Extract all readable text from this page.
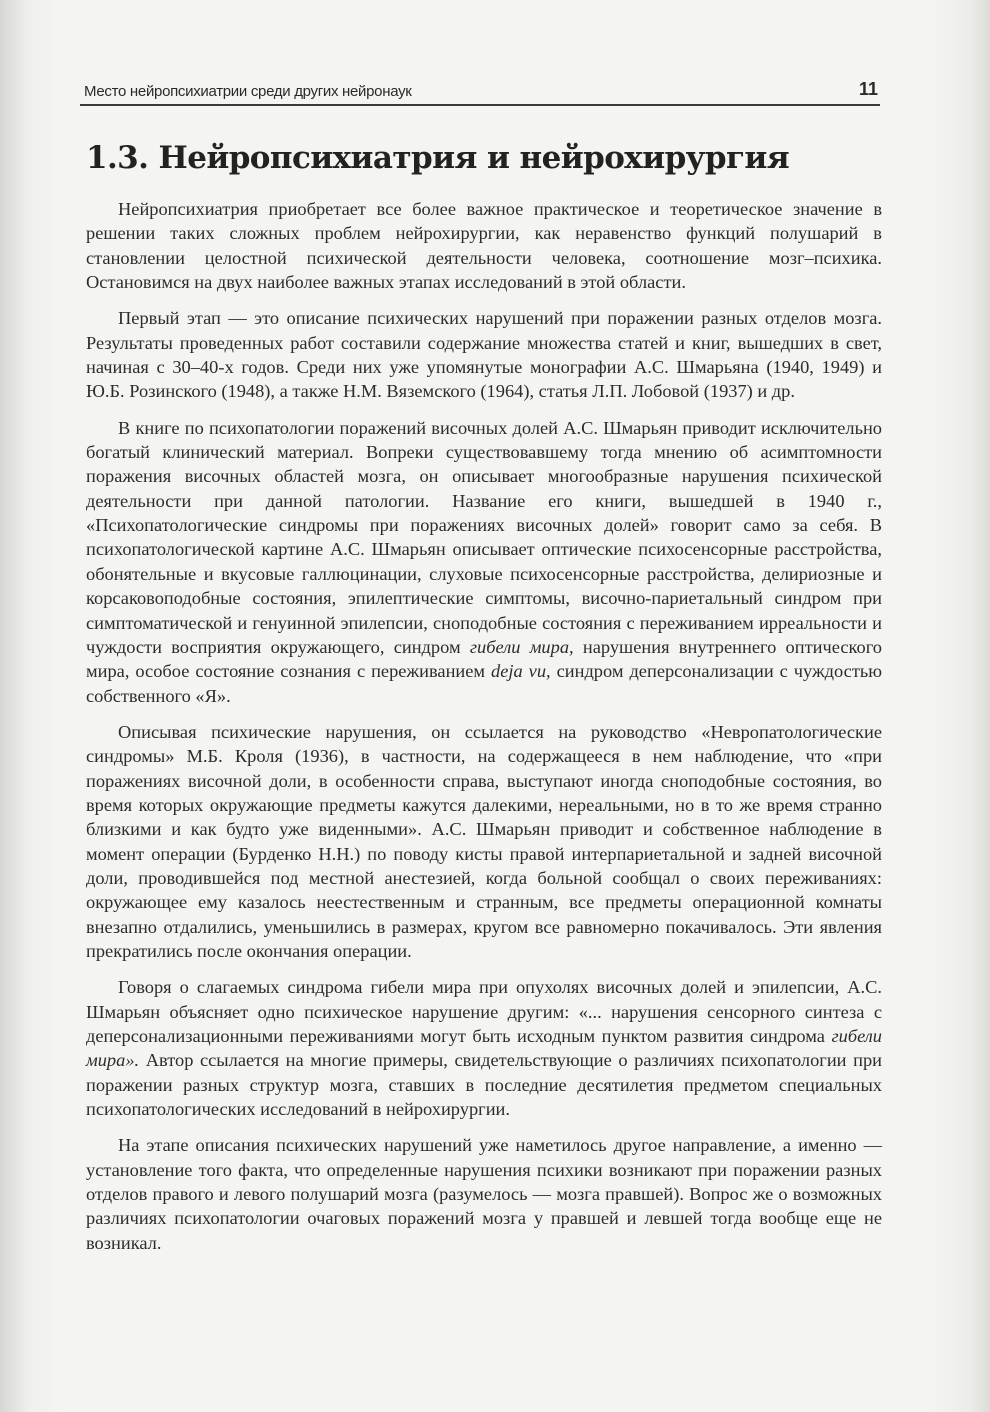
Место нейропсихиатрии среди других нейронаук	11
1.3. Нейропсихиатрия и нейрохирургия

Нейропсихиатрия приобретает все более важное практическое и теоретическое значение в решении таких сложных проблем нейрохирургии, как неравенство функций полушарий в становлении целостной психической деятельности человека, соотношение мозг–психика. Остановимся на двух наиболее важных этапах исследований в этой области.

Первый этап — это описание психических нарушений при поражении разных отделов мозга. Результаты проведенных работ составили содержание множества статей и книг, вышедших в свет, начиная с 30–40-х годов. Среди них уже упомянутые монографии А.С. Шмарьяна (1940, 1949) и Ю.Б. Розинского (1948), а также Н.М. Вяземского (1964), статья Л.П. Лобовой (1937) и др.

В книге по психопатологии поражений височных долей А.С. Шмарьян приводит исключительно богатый клинический материал. Вопреки существовавшему тогда мнению об асимптомности поражения височных областей мозга, он описывает многообразные нарушения психической деятельности при данной патологии. Название его книги, вышедшей в 1940 г., «Психопатологические синдромы при поражениях височных долей» говорит само за себя. В психопатологической картине А.С. Шмарьян описывает оптические психосенсорные расстройства, обонятельные и вкусовые галлюцинации, слуховые психосенсорные расстройства, делириозные и корсаковоподобные состояния, эпилептические симптомы, височно-париетальный синдром при симптоматической и генуинной эпилепсии, сноподобные состояния с переживанием ирреальности и чуждости восприятия окружающего, синдром гибели мира, нарушения внутреннего оптического мира, особое состояние сознания с переживанием deja vu, синдром деперсонализации с чуждостью собственного «Я».

Описывая психические нарушения, он ссылается на руководство «Невропатологические синдромы» М.Б. Кроля (1936), в частности, на содержащееся в нем наблюдение, что «при поражениях височной доли, в особенности справа, выступают иногда сноподобные состояния, во время которых окружающие предметы кажутся далекими, нереальными, но в то же время странно близкими и как будто уже виденными». А.С. Шмарьян приводит и собственное наблюдение в момент операции (Бурденко Н.Н.) по поводу кисты правой интерпариетальной и задней височной доли, проводившейся под местной анестезией, когда больной сообщал о своих переживаниях: окружающее ему казалось неестественным и странным, все предметы операционной комнаты внезапно отдалились, уменьшились в размерах, кругом все равномерно покачивалось. Эти явления прекратились после окончания операции.

Говоря о слагаемых синдрома гибели мира при опухолях височных долей и эпилепсии, А.С. Шмарьян объясняет одно психическое нарушение другим: «... нарушения сенсорного синтеза с деперсонализационными переживаниями могут быть исходным пунктом развития синдрома гибели мира». Автор ссылается на многие примеры, свидетельствующие о различиях психопатологии при поражении разных структур мозга, ставших в последние десятилетия предметом специальных психопатологических исследований в нейрохирургии.

На этапе описания психических нарушений уже наметилось другое направление, а именно — установление того факта, что определенные нарушения психики возникают при поражении разных отделов правого и левого полушарий мозга (разумелось — мозга правшей). Вопрос же о возможных различиях психопатологии очаговых поражений мозга у правшей и левшей тогда вообще еще не возникал.
